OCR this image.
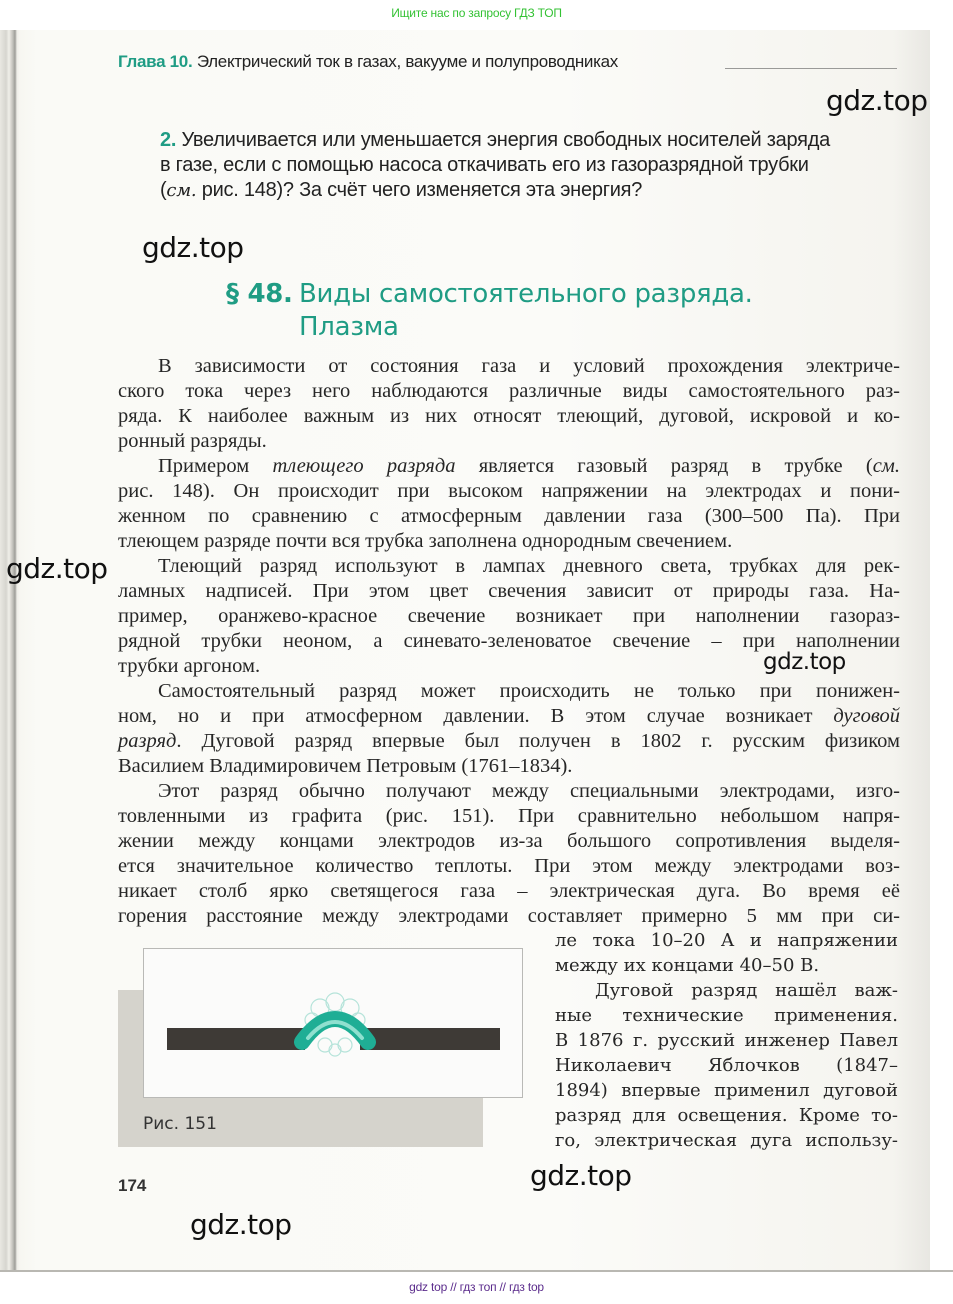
Ищите нас по запросу ГДЗ ТОП
Глава 10. Электрический ток в газах, вакууме и полупроводниках
2. Увеличивается или уменьшается энергия свободных носителей заряда
в газе, если с помощью насоса откачивать его из газоразрядной трубки
(см. рис. 148)? За счёт чего изменяется эта энергия?
§ 48. Виды самостоятельного разряда.
Плазма
В зависимости от состояния газа и условий прохождения электриче-
ского тока через него наблюдаются различные виды самостоятельного раз-
ряда. К наиболее важным из них относят тлеющий, дуговой, искровой и ко-
ронный разряды.
Примером тлеющего разряда является газовый разряд в трубке (см.
рис. 148). Он происходит при высоком напряжении на электродах и пони-
женном по сравнению с атмосферным давлении газа (300–500 Па). При
тлеющем разряде почти вся трубка заполнена однородным свечением.
Тлеющий разряд используют в лампах дневного света, трубках для рек-
ламных надписей. При этом цвет свечения зависит от природы газа. На-
пример, оранжево-красное свечение возникает при наполнении газораз-
рядной трубки неоном, а синевато-зеленоватое свечение – при наполнении
трубки аргоном.
Самостоятельный разряд может происходить не только при понижен-
ном, но и при атмосферном давлении. В этом случае возникает дуговой
разряд. Дуговой разряд впервые был получен в 1802 г. русским физиком
Василием Владимировичем Петровым (1761–1834).
Этот разряд обычно получают между специальными электродами, изго-
товленными из графита (рис. 151). При сравнительно небольшом напря-
жении между концами электродов из-за большого сопротивления выделя-
ется значительное количество теплоты. При этом между электродами воз-
никает столб ярко светящегося газа – электрическая дуга. Во время её
горения расстояние между электродами составляет примерно 5 мм при си-
ле тока 10–20 А и напряжении
между их концами 40–50 В.
Дуговой разряд нашёл важ-
ные технические применения.
В 1876 г. русский инженер Павел
Николаевич Яблочков (1847–
1894) впервые применил дуговой
разряд для освещения. Кроме то-
го, электрическая дуга использу-
Рис. 151
174
gdz.top
gdz.top
gdz.top
gdz.top
gdz.top
gdz.top
gdz top // гдз топ // гдз top
